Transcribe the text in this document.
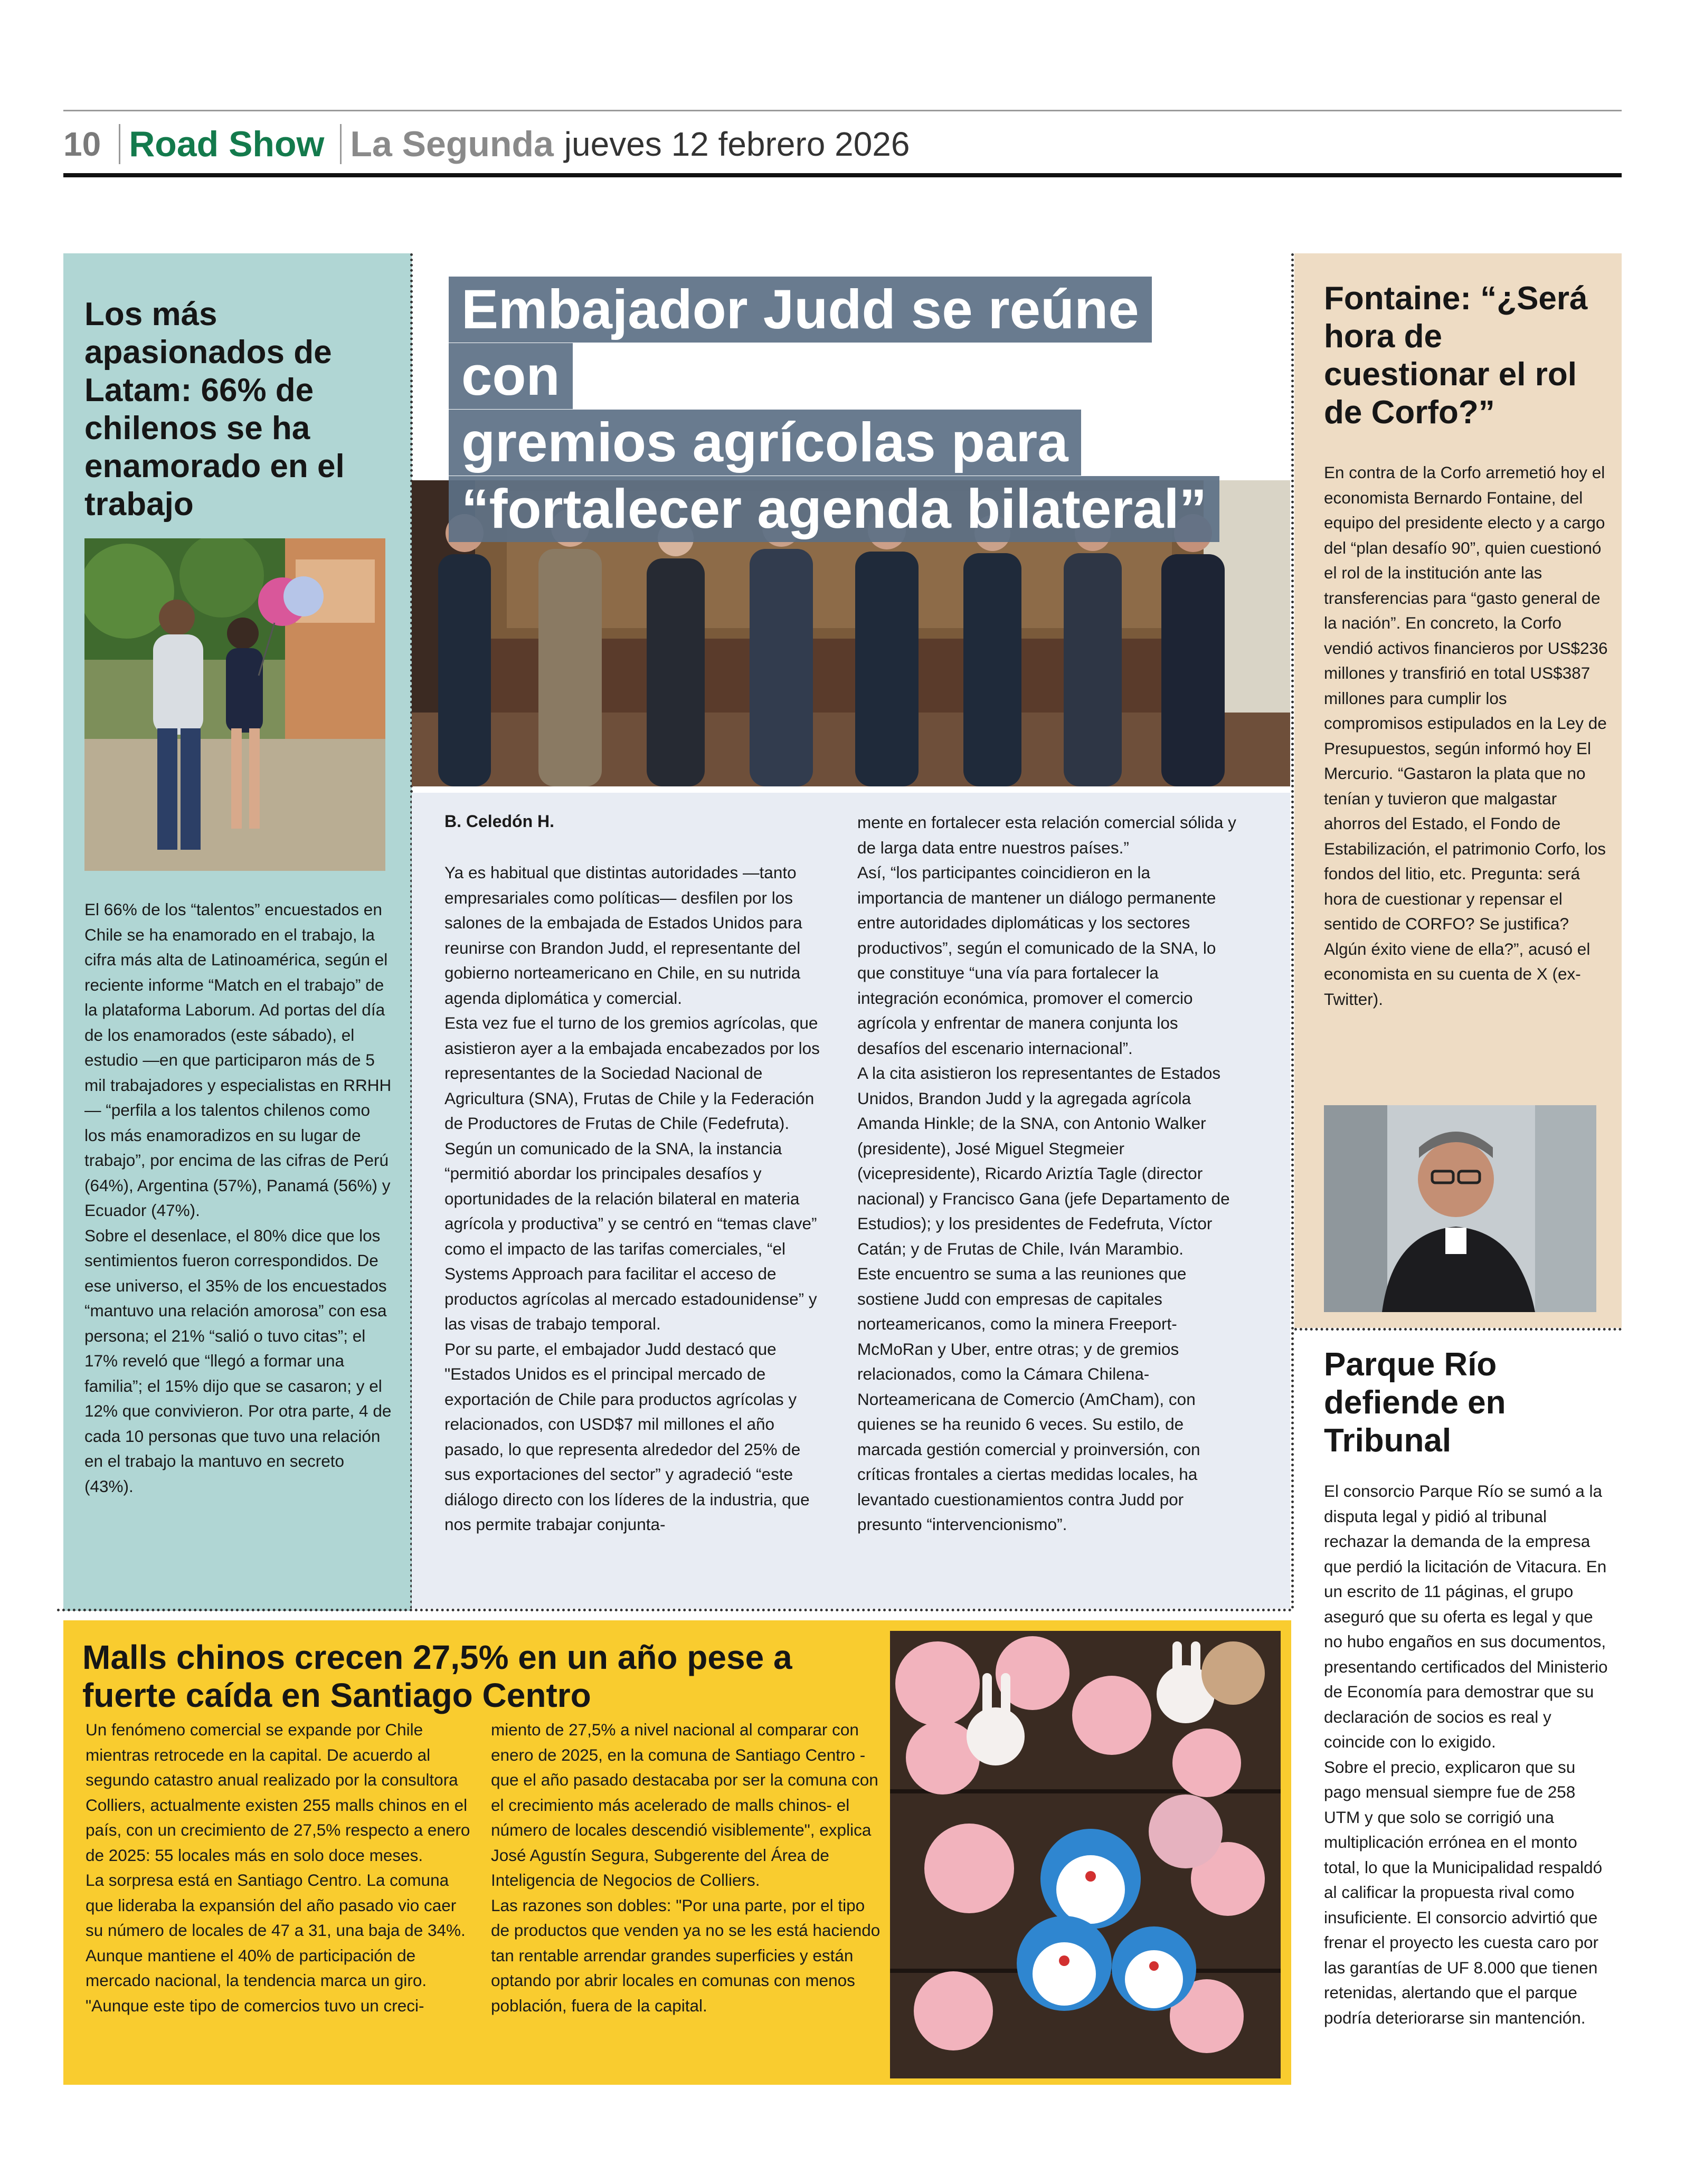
10 Road Show La Segunda jueves 12 febrero 2026
Los más apasionados de Latam: 66% de chilenos se ha enamorado en el trabajo

El 66% de los “talentos” encuestados en Chile se ha enamorado en el trabajo, la cifra más alta de Latinoamérica, según el reciente informe “Match en el trabajo” de la plataforma Laborum. Ad portas del día de los enamorados (este sábado), el estudio —en que participaron más de 5 mil trabajadores y especialistas en RRHH— “perfila a los talentos chilenos como los más enamoradizos en su lugar de trabajo”, por encima de las cifras de Perú (64%), Argentina (57%), Panamá (56%) y Ecuador (47%).

Sobre el desenlace, el 80% dice que los sentimientos fueron correspondidos. De ese universo, el 35% de los encuestados “mantuvo una relación amorosa” con esa persona; el 21% “salió o tuvo citas”; el 17% reveló que “llegó a formar una familia”; el 15% dijo que se casaron; y el 12% que convivieron. Por otra parte, 4 de cada 10 personas que tuvo una relación en el trabajo la mantuvo en secreto (43%).

Embajador Judd se reúne con
gremios agrícolas para
“fortalecer agenda bilateral”
B. Celedón H.

Ya es habitual que distintas autoridades —tanto empresariales como políticas— desfilen por los salones de la embajada de Estados Unidos para reunirse con Brandon Judd, el representante del gobierno norteamericano en Chile, en su nutrida agenda diplomática y comercial.

Esta vez fue el turno de los gremios agrícolas, que asistieron ayer a la embajada encabezados por los representantes de la Sociedad Nacional de Agricultura (SNA), Frutas de Chile y la Federación de Productores de Frutas de Chile (Fedefruta).

Según un comunicado de la SNA, la instancia “permitió abordar los principales desafíos y oportunidades de la relación bilateral en materia agrícola y productiva” y se centró en “temas clave” como el impacto de las tarifas comerciales, “el Systems Approach para facilitar el acceso de productos agrícolas al mercado estadounidense” y las visas de trabajo temporal.

Por su parte, el embajador Judd destacó que "Estados Unidos es el principal mercado de exportación de Chile para productos agrícolas y relacionados, con USD$7 mil millones el año pasado, lo que representa alrededor del 25% de sus exportaciones del sector” y agradeció “este diálogo directo con los líderes de la industria, que nos permite trabajar conjunta-

mente en fortalecer esta relación comercial sólida y de larga data entre nuestros países.”

Así, “los participantes coincidieron en la importancia de mantener un diálogo permanente entre autoridades diplomáticas y los sectores productivos”, según el comunicado de la SNA, lo que constituye “una vía para fortalecer la integración económica, promover el comercio agrícola y enfrentar de manera conjunta los desafíos del escenario internacional”.

A la cita asistieron los representantes de Estados Unidos, Brandon Judd y la agregada agrícola Amanda Hinkle; de la SNA, con Antonio Walker (presidente), José Miguel Stegmeier (vicepresidente), Ricardo Ariztía Tagle (director nacional) y Francisco Gana (jefe Departamento de Estudios); y los presidentes de Fedefruta, Víctor Catán; y de Frutas de Chile, Iván Marambio.

Este encuentro se suma a las reuniones que sostiene Judd con empresas de capitales norteamericanos, como la minera Freeport-McMoRan y Uber, entre otras; y de gremios relacionados, como la Cámara Chilena-Norteamericana de Comercio (AmCham), con quienes se ha reunido 6 veces. Su estilo, de marcada gestión comercial y proinversión, con críticas frontales a ciertas medidas locales, ha levantado cuestionamientos contra Judd por presunto “intervencionismo”.

Fontaine: “¿Será hora de cuestionar el rol de Corfo?”
En contra de la Corfo arremetió hoy el economista Bernardo Fontaine, del equipo del presidente electo y a cargo del “plan desafío 90”, quien cuestionó el rol de la institución ante las transferencias para “gasto general de la nación”. En concreto, la Corfo vendió activos financieros por US$236 millones y transfirió en total US$387 millones para cumplir los compromisos estipulados en la Ley de Presupuestos, según informó hoy El Mercurio. “Gastaron la plata que no tenían y tuvieron que malgastar ahorros del Estado, el Fondo de Estabilización, el patrimonio Corfo, los fondos del litio, etc. Pregunta: será hora de cuestionar y repensar el sentido de CORFO? Se justifica? Algún éxito viene de ella?”, acusó el economista en su cuenta de X (ex-Twitter).
Parque Río defiende en Tribunal

El consorcio Parque Río se sumó a la disputa legal y pidió al tribunal rechazar la demanda de la empresa que perdió la licitación de Vitacura. En un escrito de 11 páginas, el grupo aseguró que su oferta es legal y que no hubo engaños en sus documentos, presentando certificados del Ministerio de Economía para demostrar que su declaración de socios es real y coincide con lo exigido.

Sobre el precio, explicaron que su pago mensual siempre fue de 258 UTM y que solo se corrigió una multiplicación errónea en el monto total, lo que la Municipalidad respaldó al calificar la propuesta rival como insuficiente. El consorcio advirtió que frenar el proyecto les cuesta caro por las garantías de UF 8.000 que tienen retenidas, alertando que el parque podría deteriorarse sin mantención.

Malls chinos crecen 27,5% en un año pese a fuerte caída en Santiago Centro

Un fenómeno comercial se expande por Chile mientras retrocede en la capital. De acuerdo al segundo catastro anual realizado por la consultora Colliers, actualmente existen 255 malls chinos en el país, con un crecimiento de 27,5% respecto a enero de 2025: 55 locales más en solo doce meses.

La sorpresa está en Santiago Centro. La comuna que lideraba la expansión del año pasado vio caer su número de locales de 47 a 31, una baja de 34%. Aunque mantiene el 40% de participación de mercado nacional, la tendencia marca un giro.

"Aunque este tipo de comercios tuvo un creci-

miento de 27,5% a nivel nacional al comparar con enero de 2025, en la comuna de Santiago Centro -que el año pasado destacaba por ser la comuna con el crecimiento más acelerado de malls chinos- el número de locales descendió visiblemente", explica José Agustín Segura, Subgerente del Área de Inteligencia de Negocios de Colliers.

Las razones son dobles: "Por una parte, por el tipo de productos que venden ya no se les está haciendo tan rentable arrendar grandes superficies y están optando por abrir locales en comunas con menos población, fuera de la capital.
